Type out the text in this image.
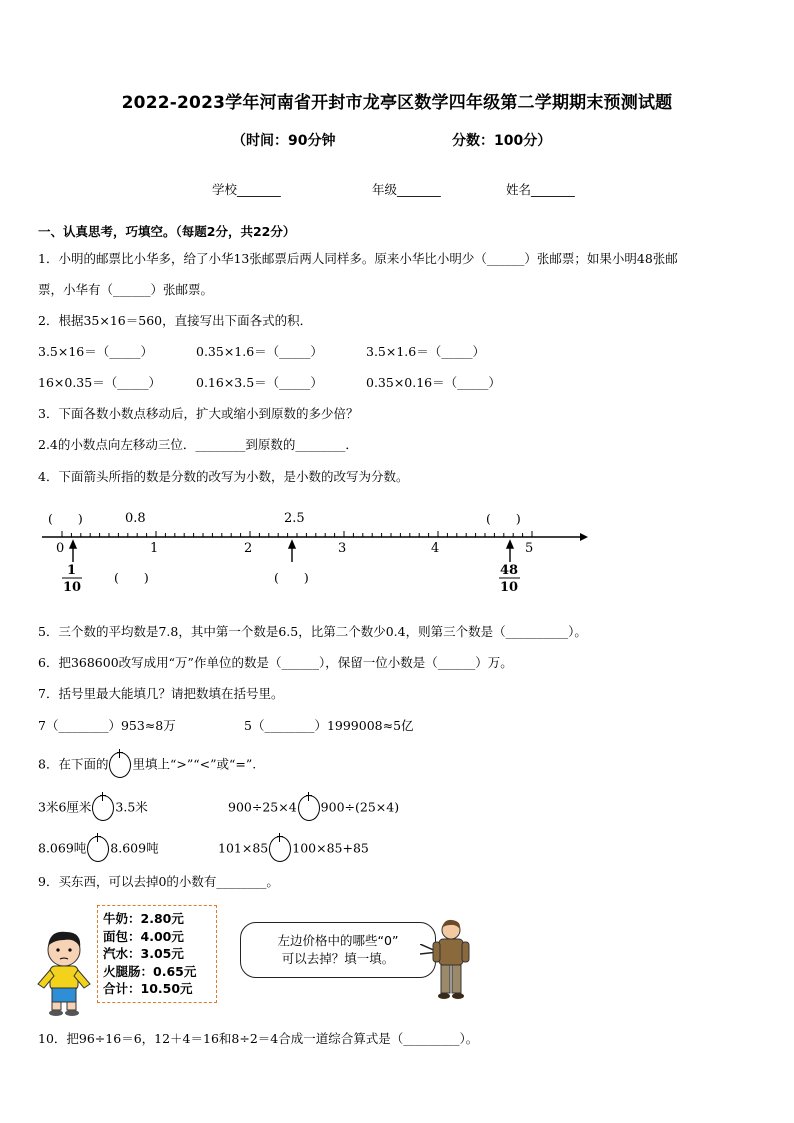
2022-2023学年河南省开封市龙亭区数学四年级第二学期期末预测试题
（时间：90分钟	分数：100分）
学校_______	年级_______	姓名_______
一、认真思考，巧填空。（每题2分，共22分）
1．小明的邮票比小华多，给了小华13张邮票后两人同样多。原来小华比小明少（______）张邮票；如果小明48张邮
票，小华有（______）张邮票。
2．根据35×16＝560，直接写出下面各式的积．
3.5×16＝（_____）	0.35×1.6＝（_____）	3.5×1.6＝（_____）
16×0.35＝（_____）	0.16×3.5＝（_____）	0.35×0.16＝（_____）
3．下面各数小数点移动后，扩大或缩小到原数的多少倍？
2.4的小数点向左移动三位．________到原数的________．
4．下面箭头所指的数是分数的改写为小数，是小数的改写为分数。
(　　)	0.8	2.5	(　　)
0	1	2	3	4	5
1
10
48
10
(　　)	(　　)
5．三个数的平均数是7.8，其中第一个数是6.5，比第二个数少0.4，则第三个数是（__________）。
6．把368600改写成用“万”作单位的数是（______），保留一位小数是（______）万。
7．括号里最大能填几？请把数填在括号里。
7（________）953≈8万	5（________）1999008≈5亿
8．在下面的 里填上“>”“<”或“=”.
3米6厘米 3.5米	900÷25×4 900÷(25×4)
8.069吨 8.609吨	101×85 100×85+85
9．买东西，可以去掉0的小数有________。
牛奶：2.80元
面包：4.00元
汽水：3.05元
火腿肠：0.65元
合计：10.50元
左边价格中的哪些“0”
可以去掉？填一填。
10．把96÷16＝6，12＋4＝16和8÷2＝4合成一道综合算式是（_________）。
